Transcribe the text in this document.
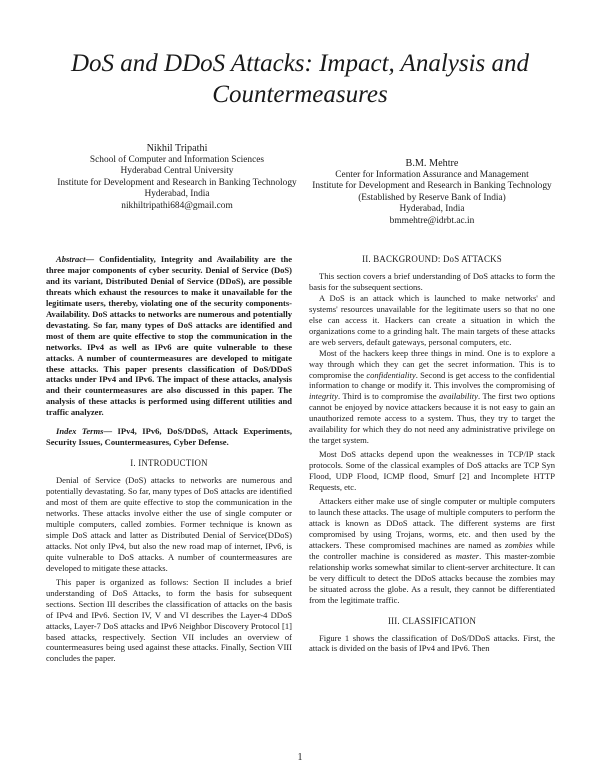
DoS and DDoS Attacks: Impact, Analysis and Countermeasures
Nikhil Tripathi
School of Computer and Information Sciences
Hyderabad Central University
Institute for Development and Research in Banking Technology
Hyderabad, India
nikhiltripathi684@gmail.com
B.M. Mehtre
Center for Information Assurance and Management
Institute for Development and Research in Banking Technology
(Established by Reserve Bank of India)
Hyderabad, India
bmmehtre@idrbt.ac.in

Abstract— Confidentiality, Integrity and Availability are the three major components of cyber security. Denial of Service (DoS) and its variant, Distributed Denial of Service (DDoS), are possible threats which exhaust the resources to make it unavailable for the legitimate users, thereby, violating one of the security components- Availability. DoS attacks to networks are numerous and potentially devastating. So far, many types of DoS attacks are identified and most of them are quite effective to stop the communication in the networks. IPv4 as well as IPv6 are quite vulnerable to these attacks. A number of countermeasures are developed to mitigate these attacks. This paper presents classification of DoS/DDoS attacks under IPv4 and IPv6. The impact of these attacks, analysis and their countermeasures are also discussed in this paper. The analysis of these attacks is performed using different utilities and traffic analyzer.

Index Terms— IPv4, IPv6, DoS/DDoS, Attack Experiments, Security Issues, Countermeasures, Cyber Defense.

I. INTRODUCTION

Denial of Service (DoS) attacks to networks are numerous and potentially devastating. So far, many types of DoS attacks are identified and most of them are quite effective to stop the communication in the networks. These attacks involve either the use of single computer or multiple computers, called zombies. Former technique is known as simple DoS attack and latter as Distributed Denial of Service(DDoS) attacks. Not only IPv4, but also the new road map of internet, IPv6, is quite vulnerable to DoS attacks. A number of countermeasures are developed to mitigate these attacks.

This paper is organized as follows: Section II includes a brief understanding of DoS Attacks, to form the basis for subsequent sections. Section III describes the classification of attacks on the basis of IPv4 and IPv6. Section IV, V and VI describes the Layer-4 DDoS attacks, Layer-7 DoS attacks and IPv6 Neighbor Discovery Protocol [1] based attacks, respectively. Section VII includes an overview of countermeasures being used against these attacks. Finally, Section VIII concludes the paper.

II. BACKGROUND: DoS ATTACKS

This section covers a brief understanding of DoS attacks to form the basis for the subsequent sections.

A DoS is an attack which is launched to make networks' and systems' resources unavailable for the legitimate users so that no one else can access it. Hackers can create a situation in which the organizations come to a grinding halt. The main targets of these attacks are web servers, default gateways, personal computers, etc.

Most of the hackers keep three things in mind. One is to explore a way through which they can get the secret information. This is to compromise the confidentiality. Second is get access to the confidential information to change or modify it. This involves the compromising of integrity. Third is to compromise the availability. The first two options cannot be enjoyed by novice attackers because it is not easy to gain an unauthorized remote access to a system. Thus, they try to target the availability for which they do not need any administrative privilege on the target system.

Most DoS attacks depend upon the weaknesses in TCP/IP stack protocols. Some of the classical examples of DoS attacks are TCP Syn Flood, UDP Flood, ICMP flood, Smurf [2] and Incomplete HTTP Requests, etc.

Attackers either make use of single computer or multiple computers to launch these attacks. The usage of multiple computers to perform the attack is known as DDoS attack. The different systems are first compromised by using Trojans, worms, etc. and then used by the attackers. These compromised machines are named as zombies while the controller machine is considered as master. This master-zombie relationship works somewhat similar to client-server architecture. It can be very difficult to detect the DDoS attacks because the zombies may be situated across the globe. As a result, they cannot be differentiated from the legitimate traffic.

III. CLASSIFICATION

Figure 1 shows the classification of DoS/DDoS attacks. First, the attack is divided on the basis of IPv4 and IPv6. Then

1
